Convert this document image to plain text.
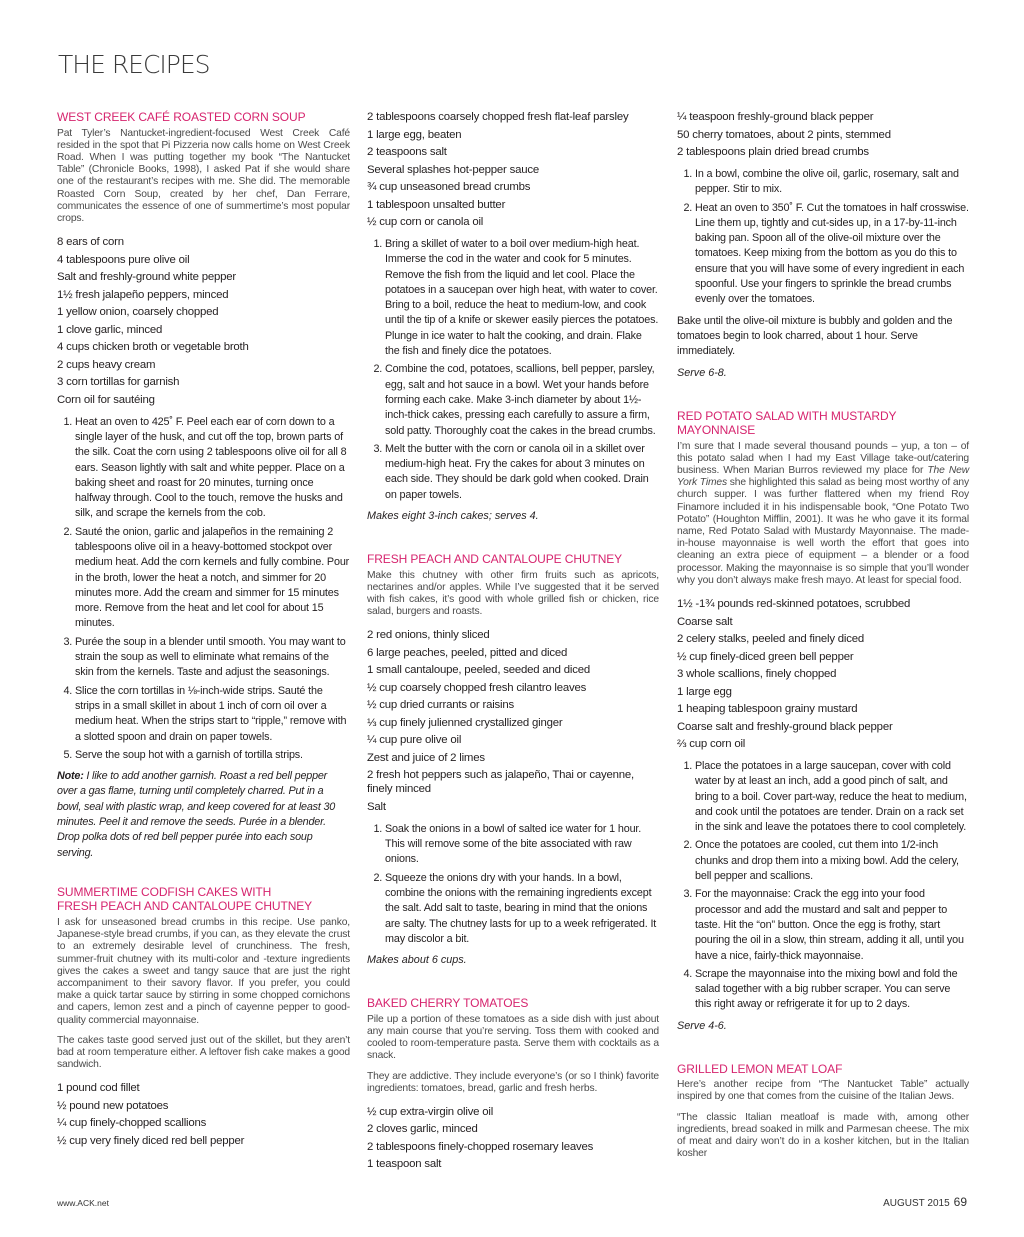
THE RECIPES
WEST CREEK CAFÉ ROASTED CORN SOUP

Pat Tyler’s Nantucket-ingredient-focused West Creek Café resided in the spot that Pi Pizzeria now calls home on West Creek Road. When I was putting together my book “The Nantucket Table” (Chronicle Books, 1998), I asked Pat if she would share one of the restaurant’s recipes with me. She did. The memorable Roasted Corn Soup, created by her chef, Dan Ferrare, communicates the essence of one of summertime’s most popular crops.

8 ears of corn
4 tablespoons pure olive oil
Salt and freshly-ground white pepper
1½ fresh jalapeño peppers, minced
1 yellow onion, coarsely chopped
1 clove garlic, minced
4 cups chicken broth or vegetable broth
2 cups heavy cream
3 corn tortillas for garnish
Corn oil for sautéing
1. Heat an oven to 425˚ F. Peel each ear of corn down to a single layer of the husk, and cut off the top, brown parts of the silk. Coat the corn using 2 tablespoons olive oil for all 8 ears. Season lightly with salt and white pepper. Place on a baking sheet and roast for 20 minutes, turning once halfway through. Cool to the touch, remove the husks and silk, and scrape the kernels from the cob.
2. Sauté the onion, garlic and jalapeños in the remaining 2 tablespoons olive oil in a heavy-bottomed stockpot over medium heat. Add the corn kernels and fully combine. Pour in the broth, lower the heat a notch, and simmer for 20 minutes more. Add the cream and simmer for 15 minutes more. Remove from the heat and let cool for about 15 minutes.
3. Purée the soup in a blender until smooth. You may want to strain the soup as well to eliminate what remains of the skin from the kernels. Taste and adjust the seasonings.
4. Slice the corn tortillas in ⅛-inch-wide strips. Sauté the strips in a small skillet in about 1 inch of corn oil over a medium heat. When the strips start to “ripple,” remove with a slotted spoon and drain on paper towels.
5. Serve the soup hot with a garnish of tortilla strips.

Note: I like to add another garnish. Roast a red bell pepper over a gas flame, turning until completely charred. Put in a bowl, seal with plastic wrap, and keep covered for at least 30 minutes. Peel it and remove the seeds. Purée in a blender. Drop polka dots of red bell pepper purée into each soup serving.

SUMMERTIME CODFISH CAKES WITH
FRESH PEACH AND CANTALOUPE CHUTNEY

I ask for unseasoned bread crumbs in this recipe. Use panko, Japanese-style bread crumbs, if you can, as they elevate the crust to an extremely desirable level of crunchiness. The fresh, summer-fruit chutney with its multi-color and -texture ingredients gives the cakes a sweet and tangy sauce that are just the right accompaniment to their savory flavor. If you prefer, you could make a quick tartar sauce by stirring in some chopped cornichons and capers, lemon zest and a pinch of cayenne pepper to good-quality commercial mayonnaise.

The cakes taste good served just out of the skillet, but they aren’t bad at room temperature either. A leftover fish cake makes a good sandwich.

1 pound cod fillet
½ pound new potatoes
¼ cup finely-chopped scallions
½ cup very finely diced red bell pepper
2 tablespoons coarsely chopped fresh flat-leaf parsley
1 large egg, beaten
2 teaspoons salt
Several splashes hot-pepper sauce
¾ cup unseasoned bread crumbs
1 tablespoon unsalted butter
½ cup corn or canola oil
1. Bring a skillet of water to a boil over medium-high heat. Immerse the cod in the water and cook for 5 minutes. Remove the fish from the liquid and let cool. Place the potatoes in a saucepan over high heat, with water to cover. Bring to a boil, reduce the heat to medium-low, and cook until the tip of a knife or skewer easily pierces the potatoes. Plunge in ice water to halt the cooking, and drain. Flake the fish and finely dice the potatoes.
2. Combine the cod, potatoes, scallions, bell pepper, parsley, egg, salt and hot sauce in a bowl. Wet your hands before forming each cake. Make 3-inch diameter by about 1½-inch-thick cakes, pressing each carefully to assure a firm, sold patty. Thoroughly coat the cakes in the bread crumbs.
3. Melt the butter with the corn or canola oil in a skillet over medium-high heat. Fry the cakes for about 3 minutes on each side. They should be dark gold when cooked. Drain on paper towels.

Makes eight 3-inch cakes; serves 4.

FRESH PEACH AND CANTALOUPE CHUTNEY

Make this chutney with other firm fruits such as apricots, nectarines and/or apples. While I’ve suggested that it be served with fish cakes, it’s good with whole grilled fish or chicken, rice salad, burgers and roasts.

2 red onions, thinly sliced
6 large peaches, peeled, pitted and diced
1 small cantaloupe, peeled, seeded and diced
½ cup coarsely chopped fresh cilantro leaves
½ cup dried currants or raisins
⅓ cup finely julienned crystallized ginger
¼ cup pure olive oil
Zest and juice of 2 limes
2 fresh hot peppers such as jalapeño, Thai or cayenne, finely minced
Salt
1. Soak the onions in a bowl of salted ice water for 1 hour. This will remove some of the bite associated with raw onions.
2. Squeeze the onions dry with your hands. In a bowl, combine the onions with the remaining ingredients except the salt. Add salt to taste, bearing in mind that the onions are salty. The chutney lasts for up to a week refrigerated. It may discolor a bit.

Makes about 6 cups.

BAKED CHERRY TOMATOES

Pile up a portion of these tomatoes as a side dish with just about any main course that you’re serving. Toss them with cooked and cooled to room-temperature pasta. Serve them with cocktails as a snack.

They are addictive. They include everyone’s (or so I think) favorite ingredients: tomatoes, bread, garlic and fresh herbs.

½ cup extra-virgin olive oil
2 cloves garlic, minced
2 tablespoons finely-chopped rosemary leaves
1 teaspoon salt
¼ teaspoon freshly-ground black pepper
50 cherry tomatoes, about 2 pints, stemmed
2 tablespoons plain dried bread crumbs
1. In a bowl, combine the olive oil, garlic, rosemary, salt and pepper. Stir to mix.
2. Heat an oven to 350˚ F. Cut the tomatoes in half crosswise. Line them up, tightly and cut-sides up, in a 17-by-11-inch baking pan. Spoon all of the olive-oil mixture over the tomatoes. Keep mixing from the bottom as you do this to ensure that you will have some of every ingredient in each spoonful. Use your fingers to sprinkle the bread crumbs evenly over the tomatoes.

Bake until the olive-oil mixture is bubbly and golden and the tomatoes begin to look charred, about 1 hour. Serve immediately.

Serve 6-8.

RED POTATO SALAD WITH MUSTARDY MAYONNAISE

I’m sure that I made several thousand pounds – yup, a ton – of this potato salad when I had my East Village take-out/catering business. When Marian Burros reviewed my place for The New York Times she highlighted this salad as being most worthy of any church supper. I was further flattered when my friend Roy Finamore included it in his indispensable book, “One Potato Two Potato” (Houghton Mifflin, 2001). It was he who gave it its formal name, Red Potato Salad with Mustardy Mayonnaise. The made-in-house mayonnaise is well worth the effort that goes into cleaning an extra piece of equipment – a blender or a food processor. Making the mayonnaise is so simple that you’ll wonder why you don’t always make fresh mayo. At least for special food.

1½ -1¾ pounds red-skinned potatoes, scrubbed
Coarse salt
2 celery stalks, peeled and finely diced
½ cup finely-diced green bell pepper
3 whole scallions, finely chopped
1 large egg
1 heaping tablespoon grainy mustard
Coarse salt and freshly-ground black pepper
⅔ cup corn oil
1. Place the potatoes in a large saucepan, cover with cold water by at least an inch, add a good pinch of salt, and bring to a boil. Cover part-way, reduce the heat to medium, and cook until the potatoes are tender. Drain on a rack set in the sink and leave the potatoes there to cool completely.
2. Once the potatoes are cooled, cut them into 1/2-inch chunks and drop them into a mixing bowl. Add the celery, bell pepper and scallions.
3. For the mayonnaise: Crack the egg into your food processor and add the mustard and salt and pepper to taste. Hit the “on” button. Once the egg is frothy, start pouring the oil in a slow, thin stream, adding it all, until you have a nice, fairly-thick mayonnaise.
4. Scrape the mayonnaise into the mixing bowl and fold the salad together with a big rubber scraper. You can serve this right away or refrigerate it for up to 2 days.

Serve 4-6.

GRILLED LEMON MEAT LOAF

Here’s another recipe from “The Nantucket Table” actually inspired by one that comes from the cuisine of the Italian Jews.

“The classic Italian meatloaf is made with, among other ingredients, bread soaked in milk and Parmesan cheese. The mix of meat and dairy won’t do in a kosher kitchen, but in the Italian kosher

www.ACK.net	AUGUST 2015 69
